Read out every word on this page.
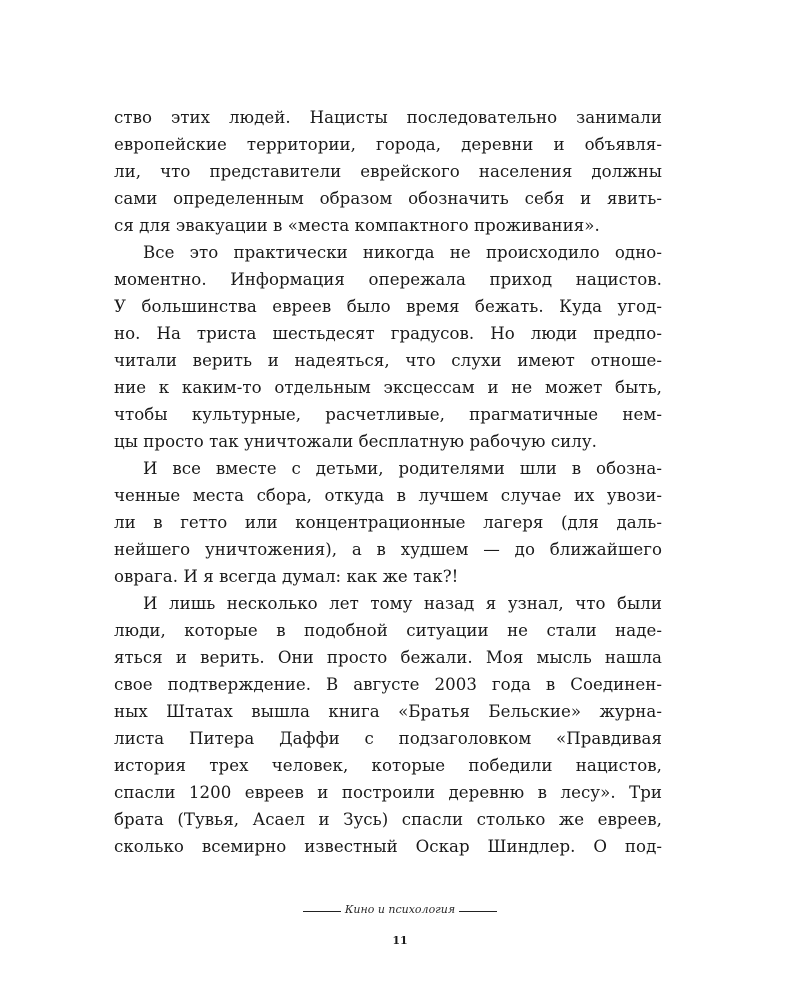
ство этих людей. Нацисты последовательно занимали
европейские территории, города, деревни и объявля-
ли, что представители еврейского населения должны
сами определенным образом обозначить себя и явить-
ся для эвакуации в «места компактного проживания».

Все это практически никогда не происходило одно-
моментно. Информация опережала приход нацистов.
У большинства евреев было время бежать. Куда угод-
но. На триста шестьдесят градусов. Но люди предпо-
читали верить и надеяться, что слухи имеют отноше-
ние к каким-то отдельным эксцессам и не может быть,
чтобы культурные, расчетливые, прагматичные нем-
цы просто так уничтожали бесплатную рабочую силу.

И все вместе с детьми, родителями шли в обозна-
ченные места сбора, откуда в лучшем случае их увози-
ли в гетто или концентрационные лагеря (для даль-
нейшего уничтожения), а в худшем — до ближайшего
оврага. И я всегда думал: как же так?!

И лишь несколько лет тому назад я узнал, что были
люди, которые в подобной ситуации не стали наде-
яться и верить. Они просто бежали. Моя мысль нашла
свое подтверждение. В августе 2003 года в Соединен-
ных Штатах вышла книга «Братья Бельские» журна-
листа Питера Даффи с подзаголовком «Правдивая
история трех человек, которые победили нацистов,
спасли 1200 евреев и построили деревню в лесу». Три
брата (Тувья, Асаел и Зусь) спасли столько же евреев,
сколько всемирно известный Оскар Шиндлер. О под-

Кино и психология
11
